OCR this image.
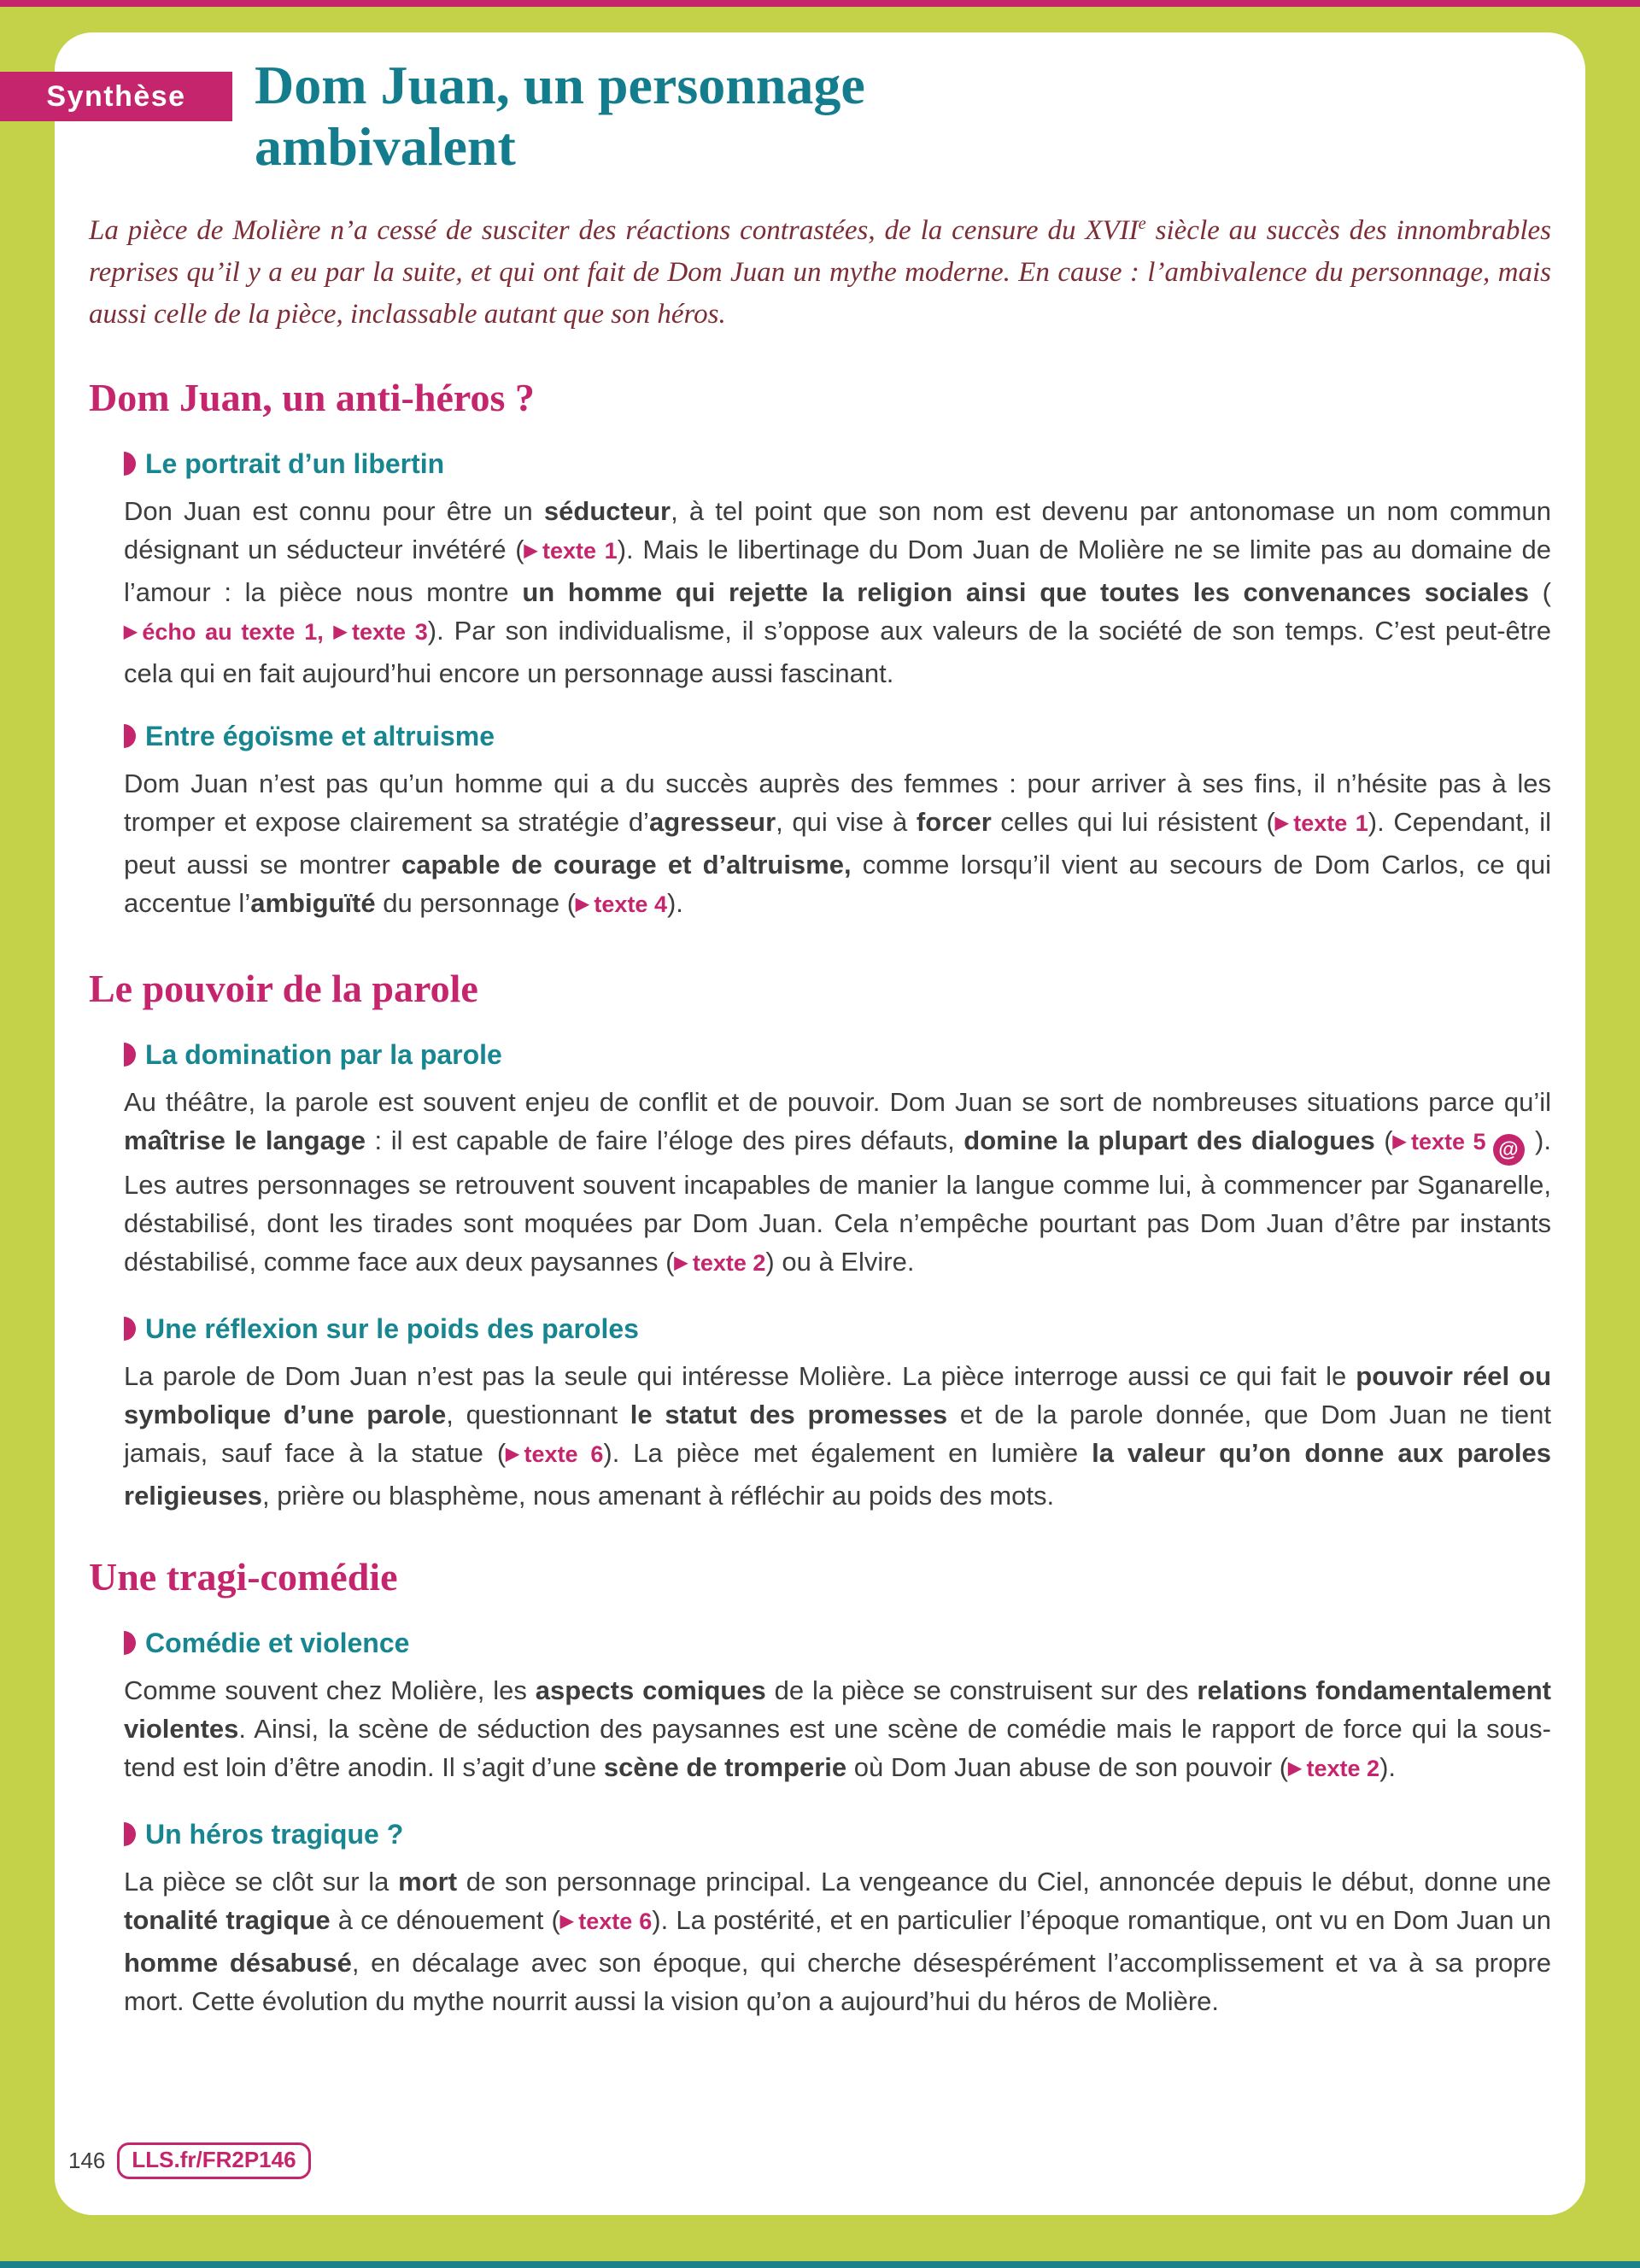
Synthèse Dom Juan, un personnage
ambivalent

La pièce de Molière n’a cessé de susciter des réactions contrastées, de la censure du XVIIe siècle au succès des innombrables reprises qu’il y a eu par la suite, et qui ont fait de Dom Juan un mythe moderne. En cause : l’ambivalence du personnage, mais aussi celle de la pièce, inclassable autant que son héros.

Dom Juan, un anti-héros ?
Le portrait d’un libertin

Don Juan est connu pour être un séducteur, à tel point que son nom est devenu par antonomase un nom commun désignant un séducteur invétéré (▶ texte 1). Mais le libertinage du Dom Juan de Molière ne se limite pas au domaine de l’amour : la pièce nous montre un homme qui rejette la religion ainsi que toutes les convenances sociales (▶ écho au texte 1, ▶ texte 3). Par son individualisme, il s’oppose aux valeurs de la société de son temps. C’est peut-être cela qui en fait aujourd’hui encore un personnage aussi fascinant.

Entre égoïsme et altruisme

Dom Juan n’est pas qu’un homme qui a du succès auprès des femmes : pour arriver à ses fins, il n’hésite pas à les tromper et expose clairement sa stratégie d’agresseur, qui vise à forcer celles qui lui résistent (▶ texte 1). Cependant, il peut aussi se montrer capable de courage et d’altruisme, comme lorsqu’il vient au secours de Dom Carlos, ce qui accentue l’ambiguïté du personnage (▶ texte 4).

Le pouvoir de la parole
La domination par la parole

Au théâtre, la parole est souvent enjeu de conflit et de pouvoir. Dom Juan se sort de nombreuses situations parce qu’il maîtrise le langage : il est capable de faire l’éloge des pires défauts, domine la plupart des dialogues (▶ texte 5 @ ). Les autres personnages se retrouvent souvent incapables de manier la langue comme lui, à commencer par Sganarelle, déstabilisé, dont les tirades sont moquées par Dom Juan. Cela n’empêche pourtant pas Dom Juan d’être par instants déstabilisé, comme face aux deux paysannes (▶ texte 2) ou à Elvire.

Une réflexion sur le poids des paroles

La parole de Dom Juan n’est pas la seule qui intéresse Molière. La pièce interroge aussi ce qui fait le pouvoir réel ou symbolique d’une parole, questionnant le statut des promesses et de la parole donnée, que Dom Juan ne tient jamais, sauf face à la statue (▶ texte 6). La pièce met également en lumière la valeur qu’on donne aux paroles religieuses, prière ou blasphème, nous amenant à réfléchir au poids des mots.

Une tragi-comédie
Comédie et violence

Comme souvent chez Molière, les aspects comiques de la pièce se construisent sur des relations fondamentalement violentes. Ainsi, la scène de séduction des paysannes est une scène de comédie mais le rapport de force qui la sous-tend est loin d’être anodin. Il s’agit d’une scène de tromperie où Dom Juan abuse de son pouvoir (▶ texte 2).

Un héros tragique ?

La pièce se clôt sur la mort de son personnage principal. La vengeance du Ciel, annoncée depuis le début, donne une tonalité tragique à ce dénouement (▶ texte 6). La postérité, et en particulier l’époque romantique, ont vu en Dom Juan un homme désabusé, en décalage avec son époque, qui cherche désespérément l’accomplissement et va à sa propre mort. Cette évolution du mythe nourrit aussi la vision qu’on a aujourd’hui du héros de Molière.

146	LLS.fr/FR2P146
